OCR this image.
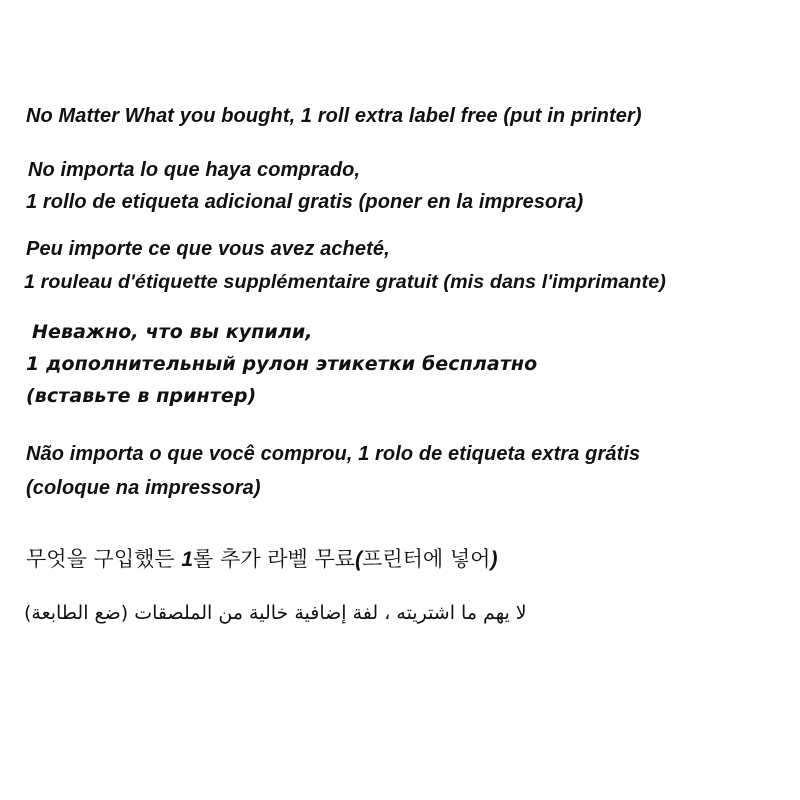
No Matter What you bought, 1 roll extra label free (put in printer)
No importa lo que haya comprado,
1 rollo de etiqueta adicional gratis (poner en la impresora)
Peu importe ce que vous avez acheté,
1 rouleau d'étiquette supplémentaire gratuit (mis dans l'imprimante)
Неважно, что вы купили,
1 дополнительный рулон этикетки бесплатно
(вставьте в принтер)
Não importa o que você comprou, 1 rolo de etiqueta extra grátis
(coloque na impressora)
무엇을 구입했든 1롤 추가 라벨 무료(프린터에 넣어)
لا يهم ما اشتريته ، لفة إضافية خالية من الملصقات (ضع الطابعة)
